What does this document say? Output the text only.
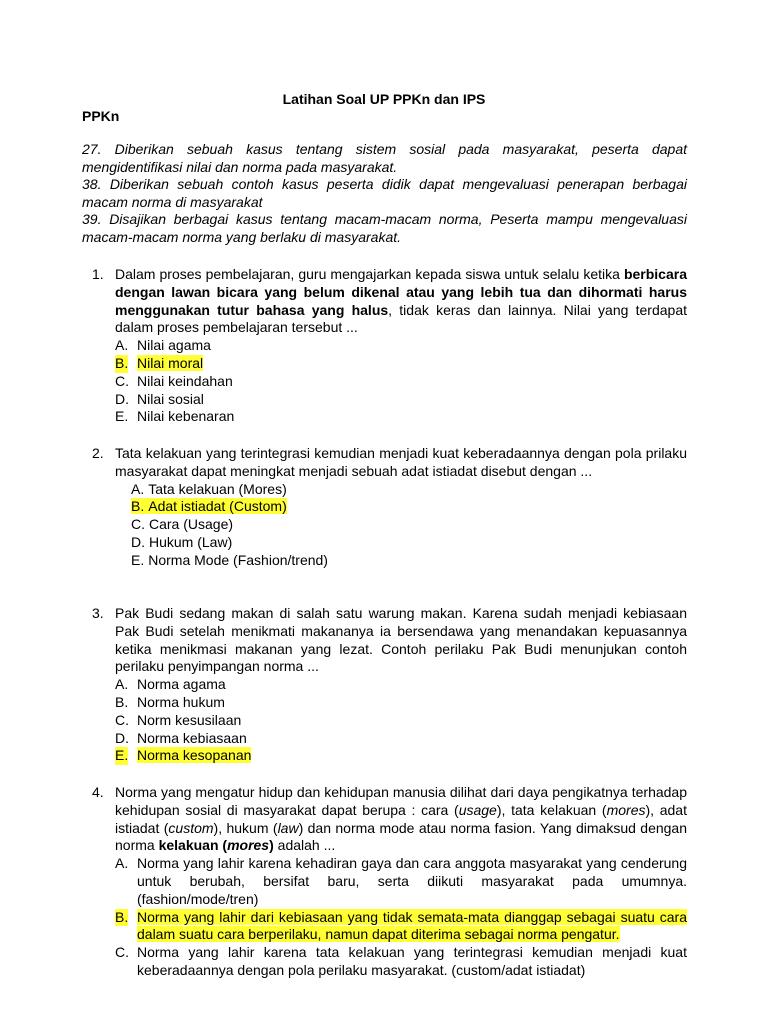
Latihan Soal UP PPKn dan IPS
PPKn

27. Diberikan sebuah kasus tentang sistem sosial pada masyarakat, peserta dapat mengidentifikasi nilai dan norma pada masyarakat.

38. Diberikan sebuah contoh kasus peserta didik dapat mengevaluasi penerapan berbagai macam norma di masyarakat

39. Disajikan berbagai kasus tentang macam-macam norma, Peserta mampu mengevaluasi macam-macam norma yang berlaku di masyarakat.

1. Dalam proses pembelajaran, guru mengajarkan kepada siswa untuk selalu ketika berbicara dengan lawan bicara yang belum dikenal atau yang lebih tua dan dihormati harus menggunakan tutur bahasa yang halus, tidak keras dan lainnya. Nilai yang terdapat dalam proses pembelajaran tersebut ...
A. Nilai agama
B. Nilai moral
C. Nilai keindahan
D. Nilai sosial
E. Nilai kebenaran
2. Tata kelakuan yang terintegrasi kemudian menjadi kuat keberadaannya dengan pola prilaku masyarakat dapat meningkat menjadi sebuah adat istiadat disebut dengan ...
A. Tata kelakuan (Mores)
B. Adat istiadat (Custom)
C. Cara (Usage)
D. Hukum (Law)
E. Norma Mode (Fashion/trend)
3. Pak Budi sedang makan di salah satu warung makan. Karena sudah menjadi kebiasaan Pak Budi setelah menikmati makananya ia bersendawa yang menandakan kepuasannya ketika menikmasi makanan yang lezat. Contoh perilaku Pak Budi menunjukan contoh perilaku penyimpangan norma ...
A. Norma agama
B. Norma hukum
C. Norm kesusilaan
D. Norma kebiasaan
E. Norma kesopanan
4. Norma yang mengatur hidup dan kehidupan manusia dilihat dari daya pengikatnya terhadap kehidupan sosial di masyarakat dapat berupa : cara (usage), tata kelakuan (mores), adat istiadat (custom), hukum (law) dan norma mode atau norma fasion. Yang dimaksud dengan norma kelakuan (mores) adalah ...
A. Norma yang lahir karena kehadiran gaya dan cara anggota masyarakat yang cenderung untuk berubah, bersifat baru, serta diikuti masyarakat pada umumnya. (fashion/mode/tren)
B. Norma yang lahir dari kebiasaan yang tidak semata-mata dianggap sebagai suatu cara dalam suatu cara berperilaku, namun dapat diterima sebagai norma pengatur.
C. Norma yang lahir karena tata kelakuan yang terintegrasi kemudian menjadi kuat keberadaannya dengan pola perilaku masyarakat. (custom/adat istiadat)
